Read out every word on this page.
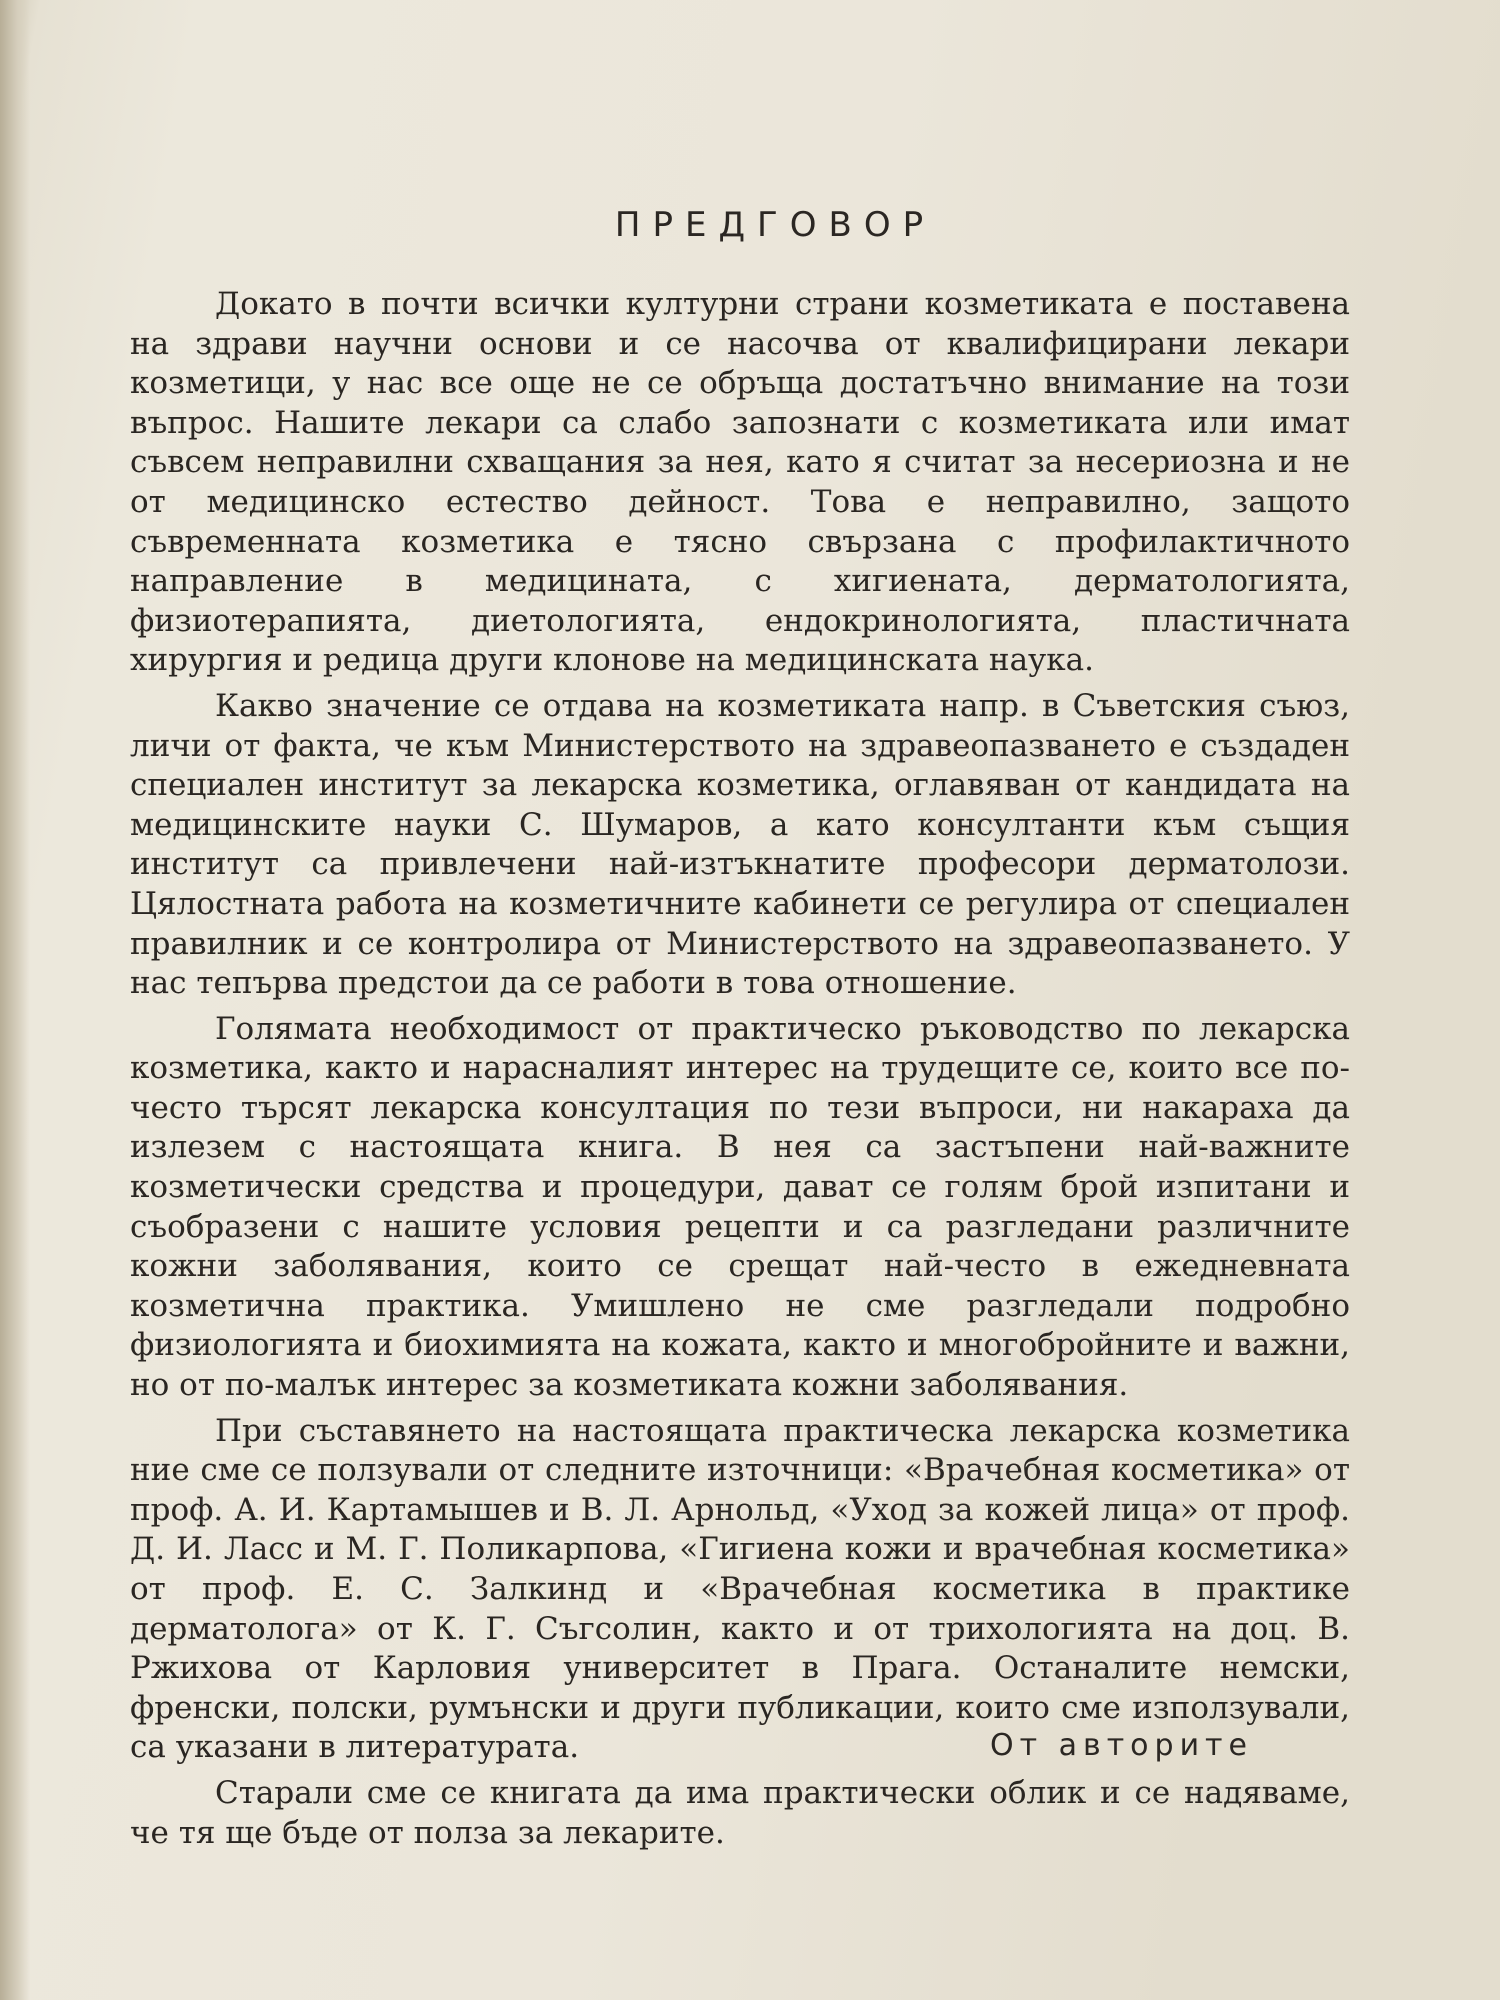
ПРЕДГОВОР

Докато в почти всички културни страни козметиката е поставена на здрави научни основи и се насочва от квалифицирани лекари козметици, у нас все още не се обръща достатъчно внимание на този въпрос. Нашите лекари са слабо запознати с козметиката или имат съвсем неправилни схващания за нея, като я считат за несериозна и не от медицинско естество дейност. Това е неправилно, защото съвременната козметика е тясно свързана с профилактичното направление в медицината, с хигиената, дерматологията, физиотерапията, диетологията, ендокринологията, пластичната хирургия и редица други клонове на медицинската наука.

Какво значение се отдава на козметиката напр. в Съветския съюз, личи от факта, че към Министерството на здравеопазването е създаден специален институт за лекарска козметика, оглавяван от кандидата на медицинските науки С. Шумаров, а като консултанти към същия институт са привлечени най-изтъкнатите професори дерматолози. Цялостната работа на козметичните кабинети се регулира от специален правилник и се контролира от Министерството на здравеопазването. У нас тепърва предстои да се работи в това отношение.

Голямата необходимост от практическо ръководство по лекарска козметика, както и нарасналият интерес на трудещите се, които все по-често търсят лекарска консултация по тези въпроси, ни накараха да излезем с настоящата книга. В нея са застъпени най-важните козметически средства и процедури, дават се голям брой изпитани и съобразени с нашите условия рецепти и са разгледани различните кожни заболявания, които се срещат най-често в ежедневната козметична практика. Умишлено не сме разгледали подробно физиологията и биохимията на кожата, както и многобройните и важни, но от по-малък интерес за козметиката кожни заболявания.

При съставянето на настоящата практическа лекарска козметика ние сме се ползували от следните източници: «Врачебная косметика» от проф. А. И. Картамышев и В. Л. Арнольд, «Уход за кожей лица» от проф. Д. И. Ласс и М. Г. Поликарпова, «Гигиена кожи и врачебная косметика» от проф. Е. С. Залкинд и «Врачебная косметика в практике дерматолога» от К. Г. Съгсолин, както и от трихологията на доц. В. Ржихова от Карловия университет в Прага. Останалите немски, френски, полски, румънски и други публикации, които сме използували, са указани в литературата.

Старали сме се книгата да има практически облик и се надяваме, че тя ще бъде от полза за лекарите.

От авторите
